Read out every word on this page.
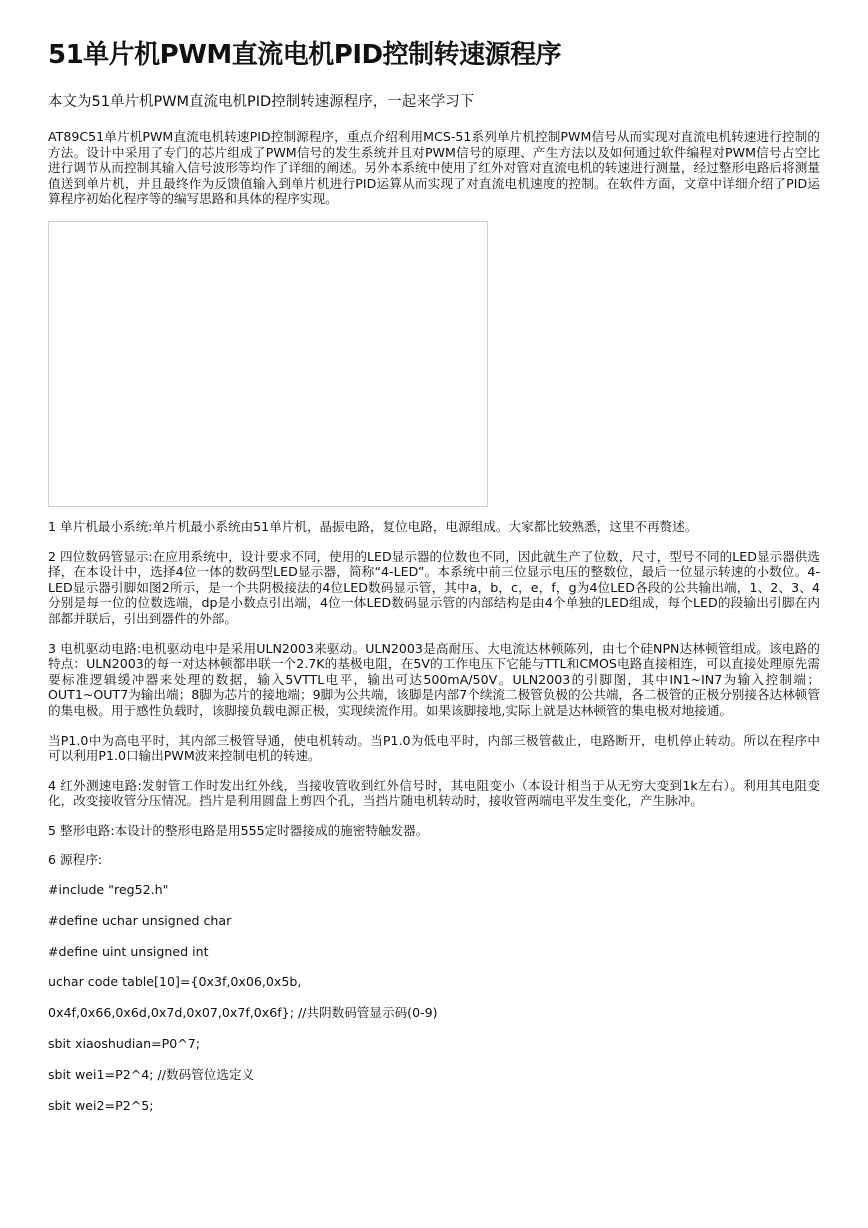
51单片机PWM直流电机PID控制转速源程序

本文为51单片机PWM直流电机PID控制转速源程序，一起来学习下

AT89C51单片机PWM直流电机转速PID控制源程序，重点介绍利用MCS-51系列单片机控制PWM信号从而实现对直流电机转速进行控制的方法。设计中采用了专门的芯片组成了PWM信号的发生系统并且对PWM信号的原理、产生方法以及如何通过软件编程对PWM信号占空比进行调节从而控制其输入信号波形等均作了详细的阐述。另外本系统中使用了红外对管对直流电机的转速进行测量，经过整形电路后将测量值送到单片机，并且最终作为反馈值输入到单片机进行PID运算从而实现了对直流电机速度的控制。在软件方面，文章中详细介绍了PID运算程序初始化程序等的编写思路和具体的程序实现。

1 单片机最小系统:单片机最小系统由51单片机，晶振电路，复位电路，电源组成。大家都比较熟悉，这里不再赘述。

2 四位数码管显示:在应用系统中，设计要求不同，使用的LED显示器的位数也不同，因此就生产了位数，尺寸，型号不同的LED显示器供选择，在本设计中，选择4位一体的数码型LED显示器，简称“4-LED”。本系统中前三位显示电压的整数位，最后一位显示转速的小数位。4-LED显示器引脚如图2所示，是一个共阴极接法的4位LED数码显示管，其中a，b，c，e，f，g为4位LED各段的公共输出端，1、2、3、4分别是每一位的位数选端，dp是小数点引出端，4位一体LED数码显示管的内部结构是由4个单独的LED组成，每个LED的段输出引脚在内部都并联后，引出到器件的外部。

3 电机驱动电路:电机驱动电中是采用ULN2003来驱动。ULN2003是高耐压、大电流达林顿陈列，由七个硅NPN达林顿管组成。该电路的特点：ULN2003的每一对达林顿都串联一个2.7K的基极电阻，在5V的工作电压下它能与TTL和CMOS电路直接相连，可以直接处理原先需要标准逻辑缓冲器来处理的数据，输入5VTTL电平，输出可达500mA/50V。ULN2003的引脚图，其中IN1~IN7为输入控制端；OUT1~OUT7为输出端；8脚为芯片的接地端；9脚为公共端，该脚是内部7个续流二极管负极的公共端，各二极管的正极分别接各达林顿管的集电极。用于感性负载时，该脚接负载电源正极，实现续流作用。如果该脚接地,实际上就是达林顿管的集电极对地接通。

当P1.0中为高电平时，其内部三极管导通，使电机转动。当P1.0为低电平时，内部三极管截止，电路断开，电机停止转动。所以在程序中可以利用P1.0口输出PWM波来控制电机的转速。

4 红外测速电路:发射管工作时发出红外线，当接收管收到红外信号时，其电阻变小（本设计相当于从无穷大变到1k左右）。利用其电阻变化，改变接收管分压情况。挡片是利用圆盘上剪四个孔，当挡片随电机转动时，接收管两端电平发生变化，产生脉冲。

5 整形电路:本设计的整形电路是用555定时器接成的施密特触发器。

6 源程序:

#include "reg52.h"
#define uchar unsigned char
#define uint unsigned int
uchar code table[10]={0x3f,0x06,0x5b,
0x4f,0x66,0x6d,0x7d,0x07,0x7f,0x6f}; //共阴数码管显示码(0-9)
sbit xiaoshudian=P0^7;
sbit wei1=P2^4; //数码管位选定义
sbit wei2=P2^5;
